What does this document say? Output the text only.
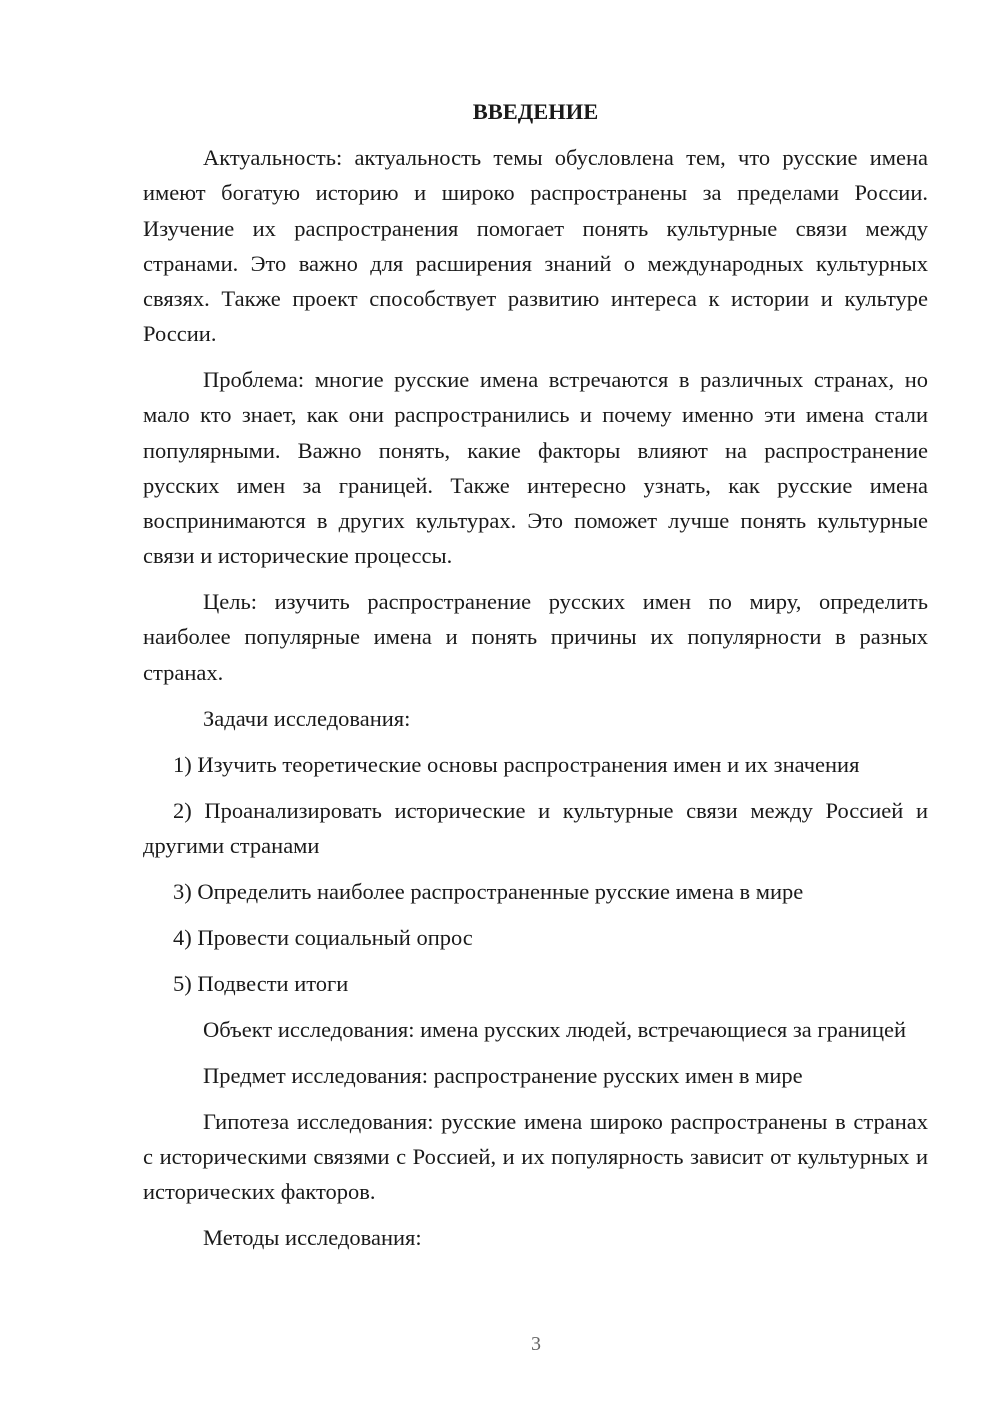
ВВЕДЕНИЕ

Актуальность: актуальность темы обусловлена тем, что русские имена имеют богатую историю и широко распространены за пределами России. Изучение их распространения помогает понять культурные связи между странами. Это важно для расширения знаний о международных культурных связях. Также проект способствует развитию интереса к истории и культуре России.

Проблема: многие русские имена встречаются в различных странах, но мало кто знает, как они распространились и почему именно эти имена стали популярными. Важно понять, какие факторы влияют на распространение русских имен за границей. Также интересно узнать, как русские имена воспринимаются в других культурах. Это поможет лучше понять культурные связи и исторические процессы.

Цель: изучить распространение русских имен по миру, определить наиболее популярные имена и понять причины их популярности в разных странах.

Задачи исследования:

1) Изучить теоретические основы распространения имен и их значения

2) Проанализировать исторические и культурные связи между Россией и другими странами

3) Определить наиболее распространенные русские имена в мире

4) Провести социальный опрос

5) Подвести итоги

Объект исследования: имена русских людей, встречающиеся за границей

Предмет исследования: распространение русских имен в мире

Гипотеза исследования: русские имена широко распространены в странах с историческими связями с Россией, и их популярность зависит от культурных и исторических факторов.

Методы исследования:

3
